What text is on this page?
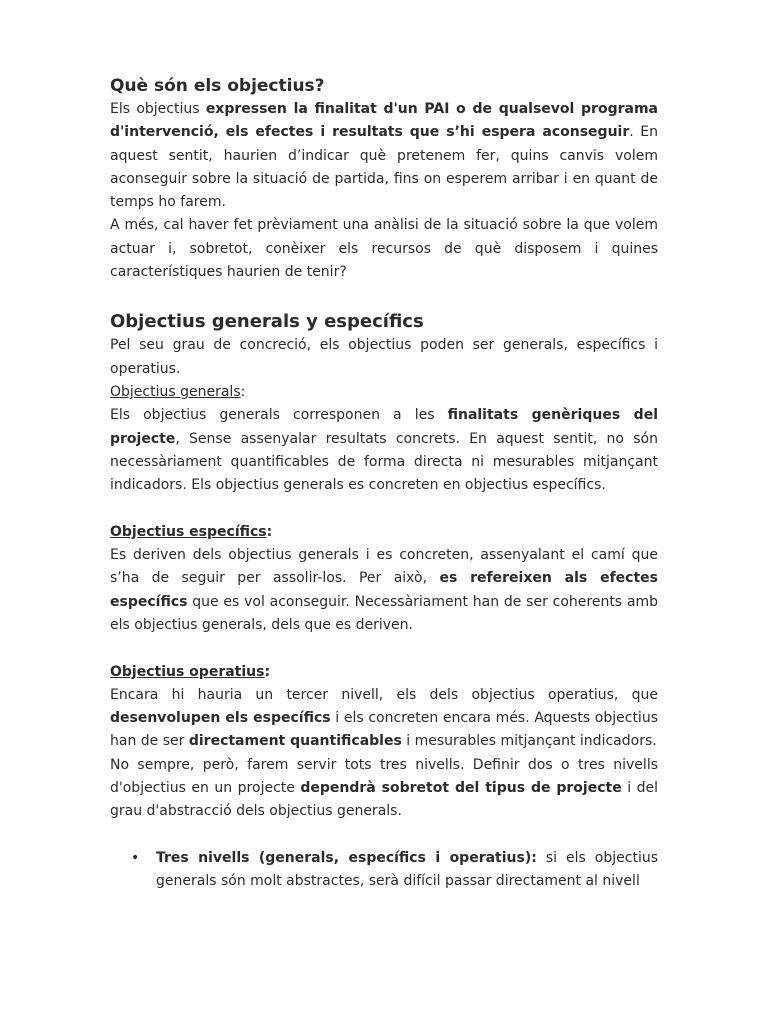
Què són els objectius?

Els objectius expressen la finalitat d'un PAI o de qualsevol programa d'intervenció, els efectes i resultats que s’hi espera aconseguir. En aquest sentit, haurien d’indicar què pretenem fer, quins canvis volem aconseguir sobre la situació de partida, fins on esperem arribar i en quant de temps ho farem.

A més, cal haver fet prèviament una anàlisi de la situació sobre la que volem actuar i, sobretot, conèixer els recursos de què disposem i quines característiques haurien de tenir?

Objectius generals y específics

Pel seu grau de concreció, els objectius poden ser generals, específics i operatius.

Objectius generals:

Els objectius generals corresponen a les finalitats genèriques del projecte, Sense assenyalar resultats concrets. En aquest sentit, no són necessàriament quantificables de forma directa ni mesurables mitjançant indicadors. Els objectius generals es concreten en objectius específics.

Objectius específics:

Es deriven dels objectius generals i es concreten, assenyalant el camí que s’ha de seguir per assolir-los. Per això, es refereixen als efectes específics que es vol aconseguir. Necessàriament han de ser coherents amb els objectius generals, dels que es deriven.

Objectius operatius:

Encara hi hauria un tercer nivell, els dels objectius operatius, que desenvolupen els específics i els concreten encara més. Aquests objectius han de ser directament quantificables i mesurables mitjançant indicadors.

No sempre, però, farem servir tots tres nivells. Definir dos o tres nivells d'objectius en un projecte dependrà sobretot del tipus de projecte i del grau d'abstracció dels objectius generals.

• Tres nivells (generals, específics i operatius): si els objectius generals són molt abstractes, serà difícil passar directament al nivell
